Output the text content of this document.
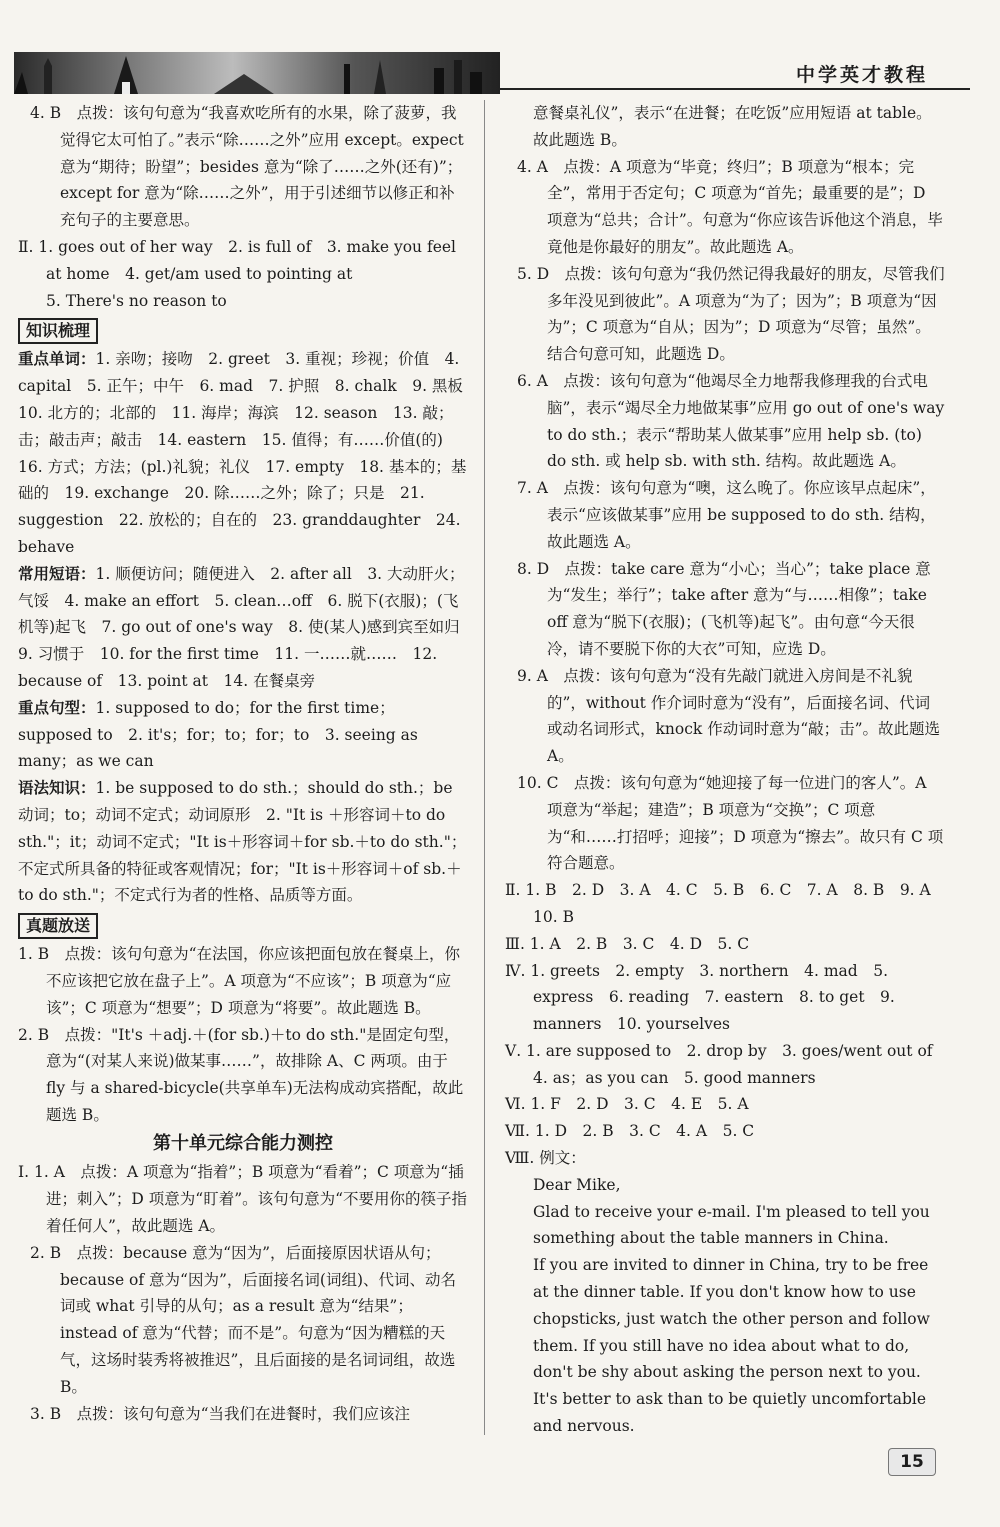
中学英才教程

4. B　点拨：该句句意为“我喜欢吃所有的水果，除了菠萝，我觉得它太可怕了。”表示“除……之外”应用 except。expect 意为“期待；盼望”；besides 意为“除了……之外(还有)”；except for 意为“除……之外”，用于引述细节以修正和补充句子的主要意思。

Ⅱ. 1. goes out of her way　2. is full of　3. make you feel at home　4. get/am used to pointing at

5. There's no reason to

知识梳理

重点单词：1. 亲吻；接吻　2. greet　3. 重视；珍视；价值　4. capital　5. 正午；中午　6. mad　7. 护照　8. chalk　9. 黑板　10. 北方的；北部的　11. 海岸；海滨　12. season　13. 敲；击；敲击声；敲击　14. eastern　15. 值得；有……价值(的)　16. 方式；方法；(pl.)礼貌；礼仪　17. empty　18. 基本的；基础的　19. exchange　20. 除……之外；除了；只是　21. suggestion　22. 放松的；自在的　23. granddaughter　24. behave

常用短语：1. 顺便访问；随便进入　2. after all　3. 大动肝火；气馁　4. make an effort　5. clean…off　6. 脱下(衣服)；(飞机等)起飞　7. go out of one's way　8. 使(某人)感到宾至如归　9. 习惯于　10. for the first time　11. 一……就……　12. because of　13. point at　14. 在餐桌旁

重点句型：1. supposed to do；for the first time；supposed to　2. it's；for；to；for；to　3. seeing as many；as we can

语法知识：1. be supposed to do sth.；should do sth.；be 动词；to；动词不定式；动词原形　2. "It is ＋形容词＋to do sth."；it；动词不定式；"It is＋形容词＋for sb.＋to do sth."；不定式所具备的特征或客观情况；for；"It is＋形容词＋of sb.＋to do sth."；不定式行为者的性格、品质等方面。

真题放送

1. B　点拨：该句句意为“在法国，你应该把面包放在餐桌上，你不应该把它放在盘子上”。A 项意为“不应该”；B 项意为“应该”；C 项意为“想要”；D 项意为“将要”。故此题选 B。

2. B　点拨："It's ＋adj.＋(for sb.)＋to do sth."是固定句型，意为“(对某人来说)做某事……”，故排除 A、C 两项。由于 fly 与 a shared-bicycle(共享单车)无法构成动宾搭配，故此题选 B。

第十单元综合能力测控

Ⅰ. 1. A　点拨：A 项意为“指着”；B 项意为“看着”；C 项意为“插进；刺入”；D 项意为“盯着”。该句句意为“不要用你的筷子指着任何人”，故此题选 A。

2. B　点拨：because 意为“因为”，后面接原因状语从句；because of 意为“因为”，后面接名词(词组)、代词、动名词或 what 引导的从句；as a result 意为“结果”；instead of 意为“代替；而不是”。句意为“因为糟糕的天气，这场时装秀将被推迟”，且后面接的是名词词组，故选 B。

3. B　点拨：该句句意为“当我们在进餐时，我们应该注

意餐桌礼仪”，表示“在进餐；在吃饭”应用短语 at table。故此题选 B。

4. A　点拨：A 项意为“毕竟；终归”；B 项意为“根本；完全”，常用于否定句；C 项意为“首先；最重要的是”；D 项意为“总共；合计”。句意为“你应该告诉他这个消息，毕竟他是你最好的朋友”。故此题选 A。

5. D　点拨：该句句意为“我仍然记得我最好的朋友，尽管我们多年没见到彼此”。A 项意为“为了；因为”；B 项意为“因为”；C 项意为“自从；因为”；D 项意为“尽管；虽然”。结合句意可知，此题选 D。

6. A　点拨：该句句意为“他竭尽全力地帮我修理我的台式电脑”，表示“竭尽全力地做某事”应用 go out of one's way to do sth.；表示“帮助某人做某事”应用 help sb. (to) do sth. 或 help sb. with sth. 结构。故此题选 A。

7. A　点拨：该句句意为“噢，这么晚了。你应该早点起床”，表示“应该做某事”应用 be supposed to do sth. 结构，故此题选 A。

8. D　点拨：take care 意为“小心；当心”；take place 意为“发生；举行”；take after 意为“与……相像”；take off 意为“脱下(衣服)；(飞机等)起飞”。由句意“今天很冷，请不要脱下你的大衣”可知，应选 D。

9. A　点拨：该句句意为“没有先敲门就进入房间是不礼貌的”，without 作介词时意为“没有”，后面接名词、代词或动名词形式，knock 作动词时意为“敲；击”。故此题选 A。

10. C　点拨：该句句意为“她迎接了每一位进门的客人”。A 项意为“举起；建造”；B 项意为“交换”；C 项意为“和……打招呼；迎接”；D 项意为“擦去”。故只有 C 项符合题意。

Ⅱ. 1. B　2. D　3. A　4. C　5. B　6. C　7. A　8. B　9. A　10. B

Ⅲ. 1. A　2. B　3. C　4. D　5. C

Ⅳ. 1. greets　2. empty　3. northern　4. mad　5. express　6. reading　7. eastern　8. to get　9. manners　10. yourselves

Ⅴ. 1. are supposed to　2. drop by　3. goes/went out of　4. as；as you can　5. good manners

Ⅵ. 1. F　2. D　3. C　4. E　5. A

Ⅶ. 1. D　2. B　3. C　4. A　5. C

Ⅷ. 例文：

Dear Mike,

Glad to receive your e-mail. I'm pleased to tell you something about the table manners in China.

If you are invited to dinner in China, try to be free at the dinner table. If you don't know how to use chopsticks, just watch the other person and follow them. If you still have no idea about what to do, don't be shy about asking the person next to you. It's better to ask than to be quietly uncomfortable and nervous.

15
